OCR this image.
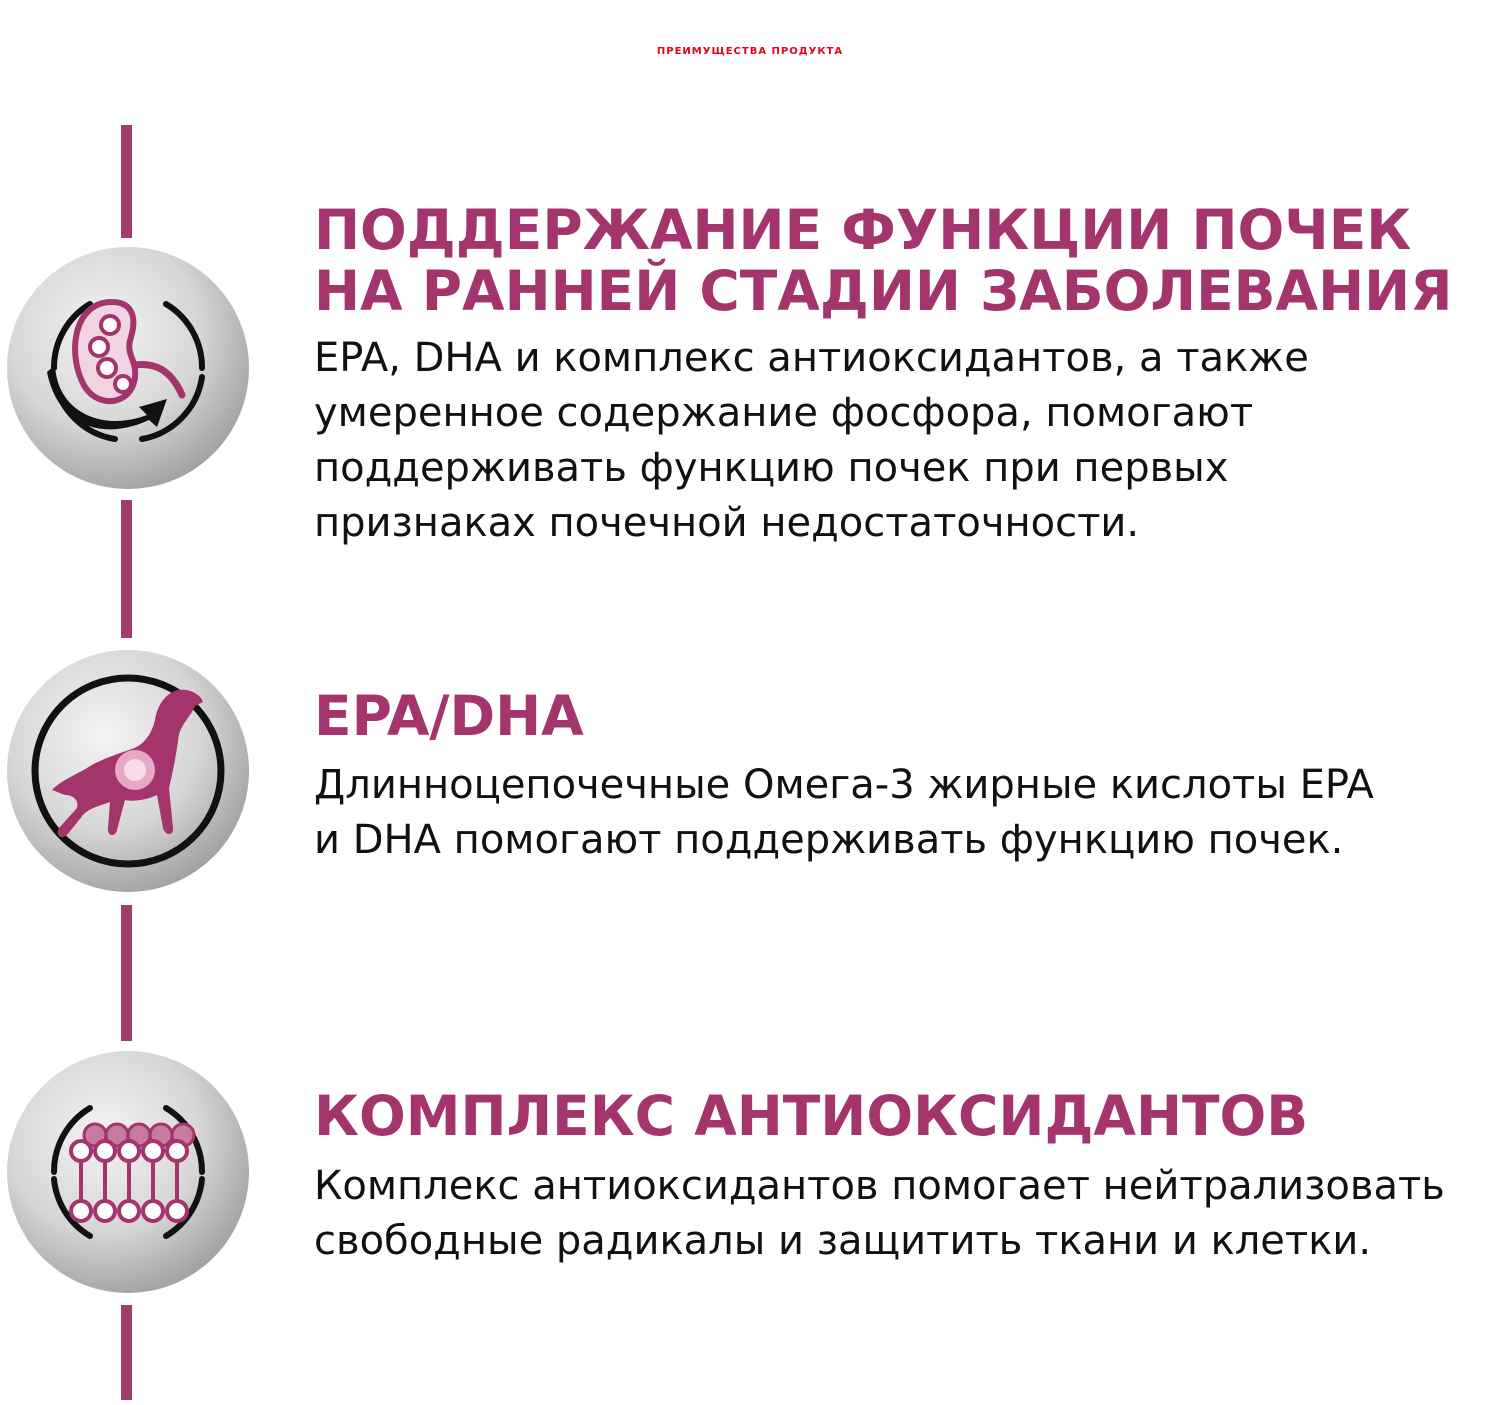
ПРЕИМУЩЕСТВА ПРОДУКТА
ПОДДЕРЖАНИЕ ФУНКЦИИ ПОЧЕК
НА РАННЕЙ СТАДИИ ЗАБОЛЕВАНИЯ
EPA, DHA и комплекс антиоксидантов, а также
умеренное содержание фосфора, помогают
поддерживать функцию почек при первых
признаках почечной недостаточности.
EPA/DHA
Длинноцепочечные Омега-3 жирные кислоты EPA
и DHA помогают поддерживать функцию почек.
КОМПЛЕКС АНТИОКСИДАНТОВ
Комплекс антиоксидантов помогает нейтрализовать
свободные радикалы и защитить ткани и клетки.
